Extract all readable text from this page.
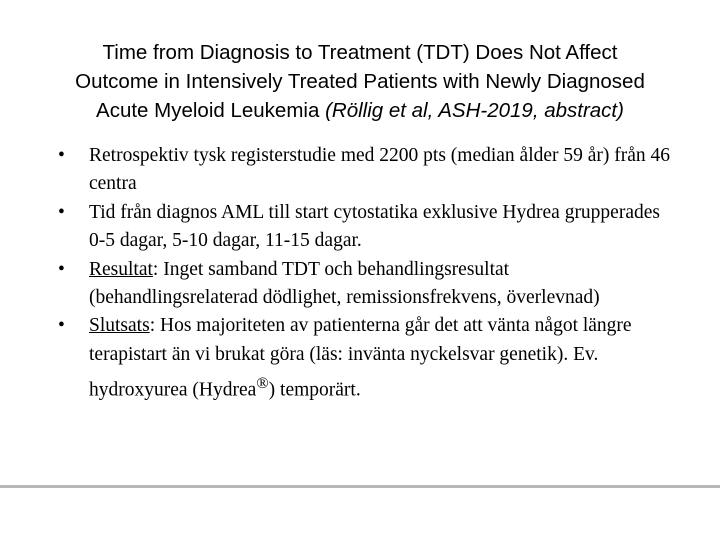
Time from Diagnosis to Treatment (TDT) Does Not Affect
Outcome in Intensively Treated Patients with Newly Diagnosed
Acute Myeloid Leukemia (Röllig et al, ASH-2019, abstract)
• Retrospektiv tysk registerstudie med 2200 pts (median ålder 59 år) från 46 centra
• Tid från diagnos AML till start cytostatika exklusive Hydrea grupperades 0-5 dagar, 5-10 dagar, 11-15 dagar.
• Resultat: Inget samband TDT och behandlingsresultat (behandlingsrelaterad dödlighet, remissionsfrekvens, överlevnad)
• Slutsats: Hos majoriteten av patienterna går det att vänta något längre terapistart än vi brukat göra (läs: invänta nyckelsvar genetik). Ev. hydroxyurea (Hydrea®) temporärt.
